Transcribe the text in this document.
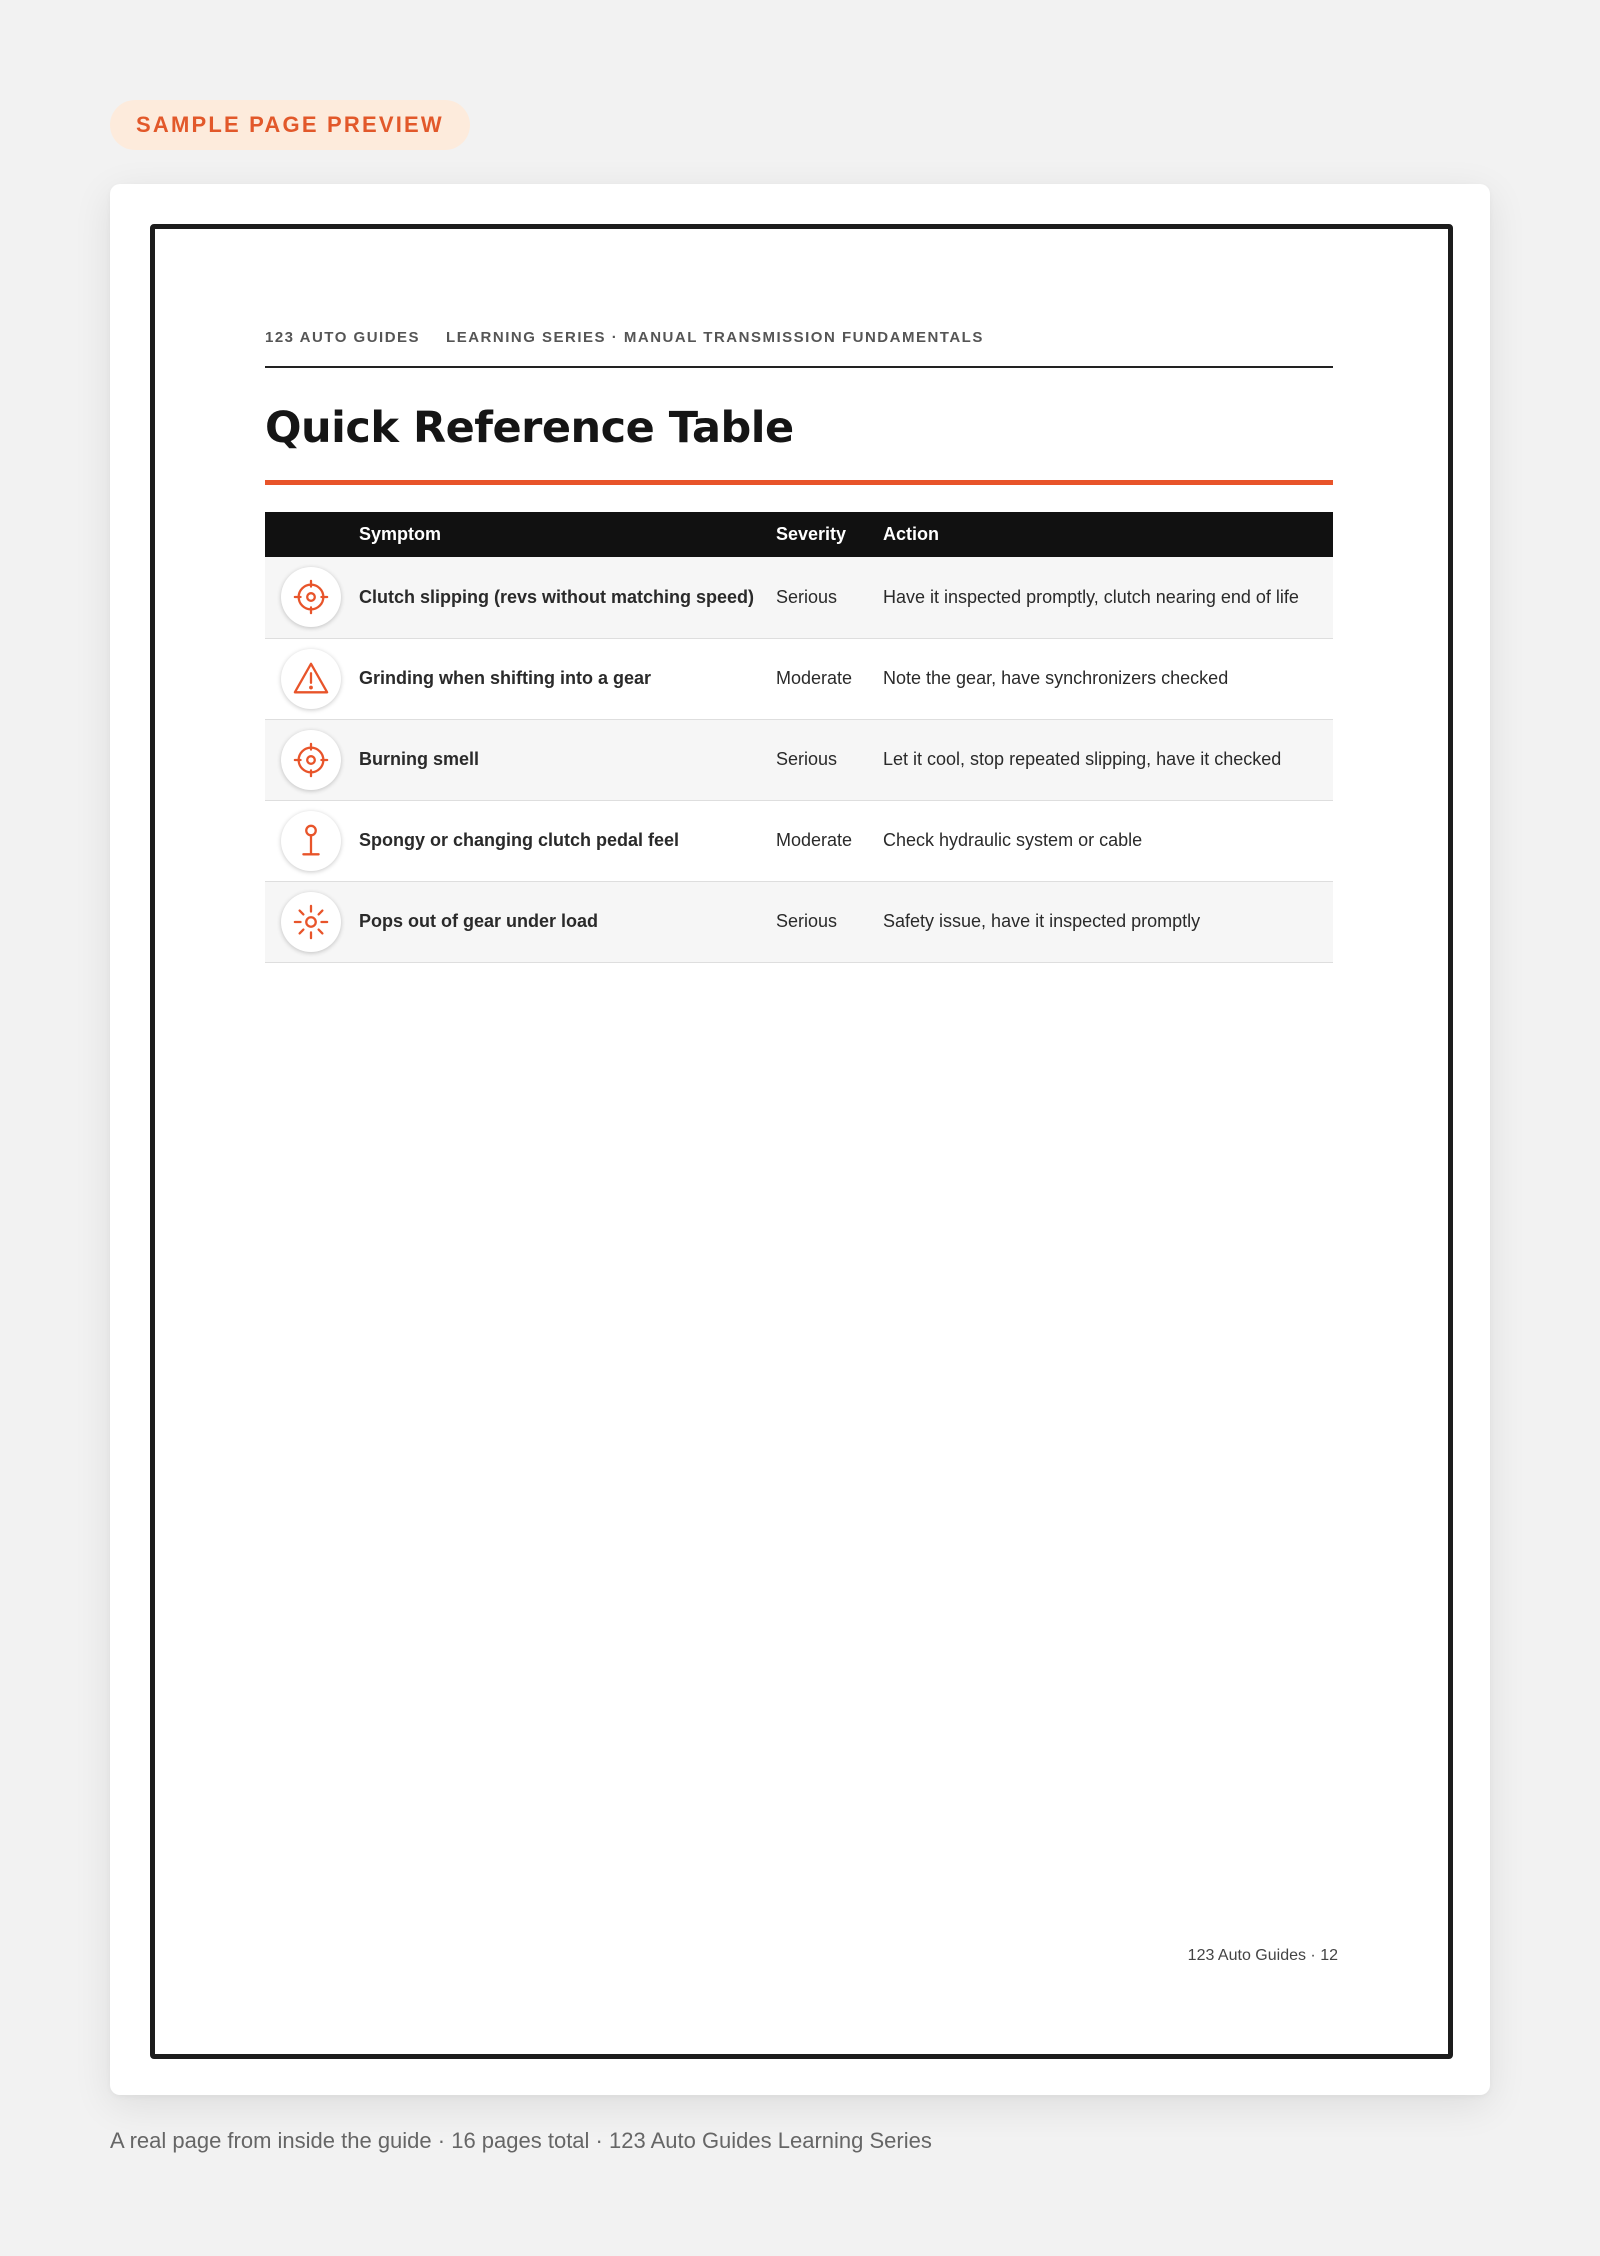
SAMPLE PAGE PREVIEW
123 AUTO GUIDES LEARNING SERIES · MANUAL TRANSMISSION FUNDAMENTALS
Quick Reference Table
	Symptom	Severity	Action

	Clutch slipping (revs without matching speed)	Serious	Have it inspected promptly, clutch nearing end of life

	Grinding when shifting into a gear	Moderate	Note the gear, have synchronizers checked

	Burning smell	Serious	Let it cool, stop repeated slipping, have it checked

	Spongy or changing clutch pedal feel	Moderate	Check hydraulic system or cable

	Pops out of gear under load	Serious	Safety issue, have it inspected promptly
123 Auto Guides · 12
A real page from inside the guide · 16 pages total · 123 Auto Guides Learning Series
